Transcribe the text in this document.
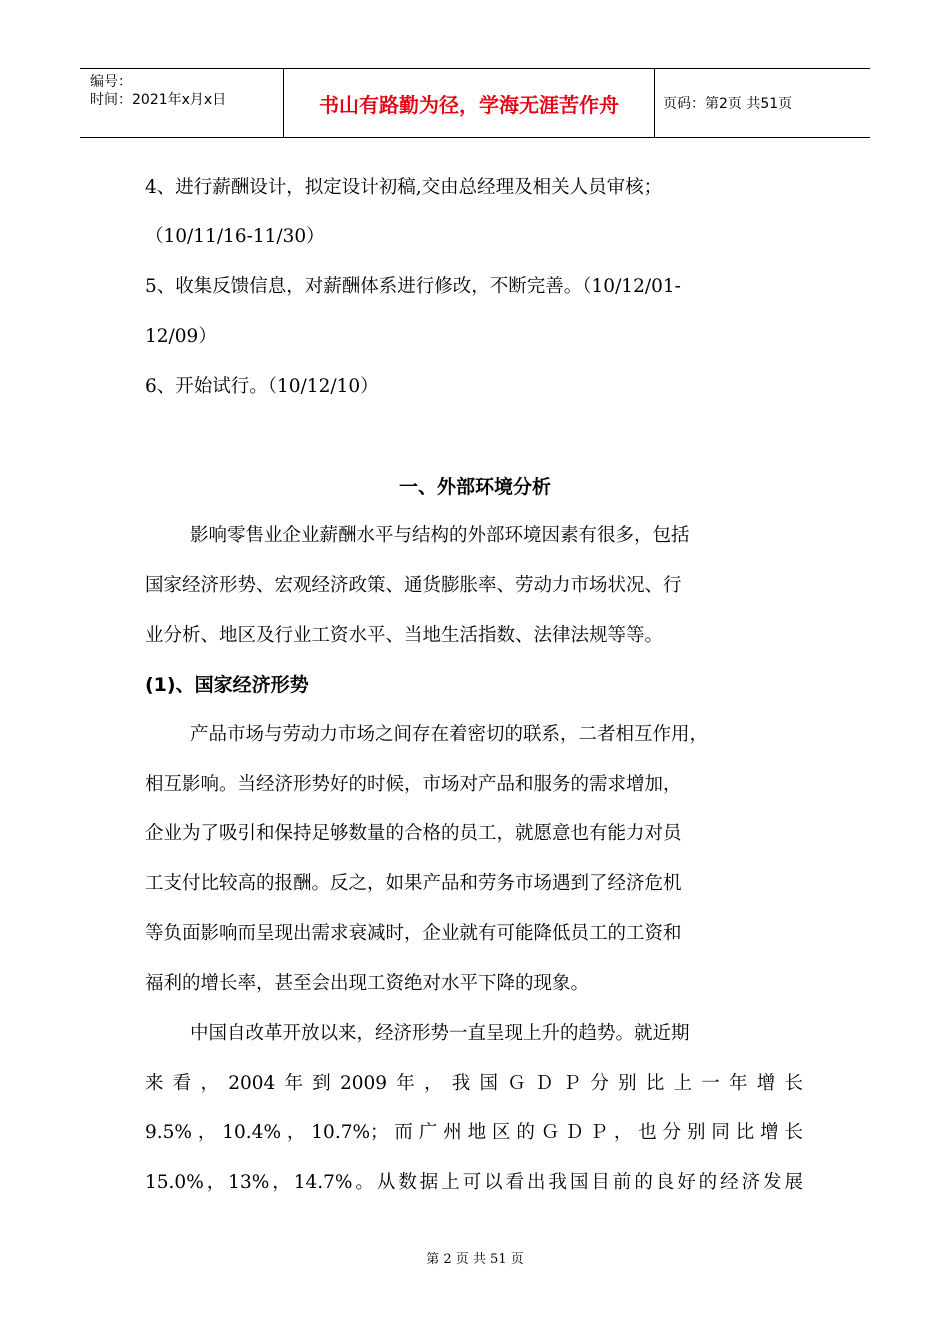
编号：
时间：2021年x月x日	书山有路勤为径，学海无涯苦作舟	页码：第2页 共51页
4、进行薪酬设计，拟定设计初稿,交由总经理及相关人员审核；
（10/11/16-11/30）
5、收集反馈信息，对薪酬体系进行修改，不断完善。（10/12/01-
12/09）
6、开始试行。（10/12/10）
一、外部环境分析
影响零售业企业薪酬水平与结构的外部环境因素有很多，包括
国家经济形势、宏观经济政策、通货膨胀率、劳动力市场状况、行
业分析、地区及行业工资水平、当地生活指数、法律法规等等。
(1)、国家经济形势
产品市场与劳动力市场之间存在着密切的联系，二者相互作用，
相互影响。当经济形势好的时候，市场对产品和服务的需求增加，
企业为了吸引和保持足够数量的合格的员工，就愿意也有能力对员
工支付比较高的报酬。反之，如果产品和劳务市场遇到了经济危机
等负面影响而呈现出需求衰减时，企业就有可能降低员工的工资和
福利的增长率，甚至会出现工资绝对水平下降的现象。
中国自改革开放以来，经济形势一直呈现上升的趋势。就近期
来看，2004年到2009年，我国ＧＤＰ分别比上一年增长
9.5%，10.4%，10.7%；而广州地区的ＧＤＰ，也分别同比增长
15.0%，13%，14.7%。从数据上可以看出我国目前的良好的经济发展
第 2 页 共 51 页
